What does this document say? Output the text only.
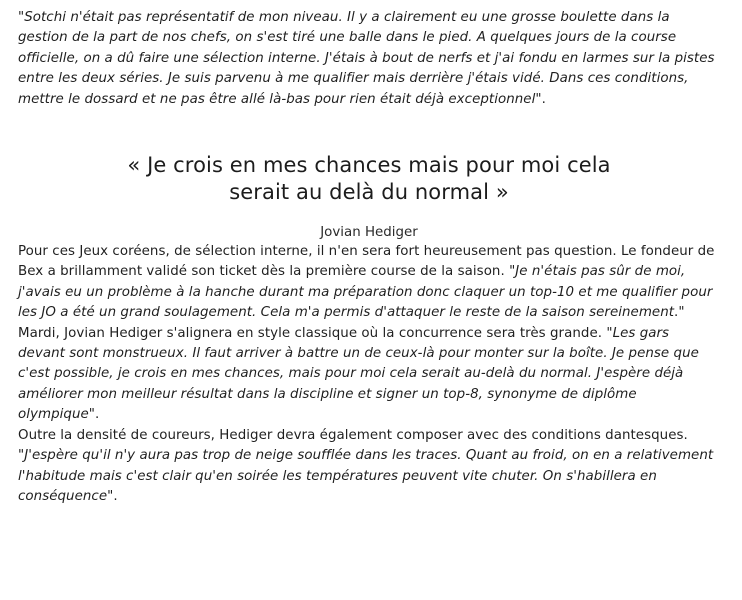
"Sotchi n'était pas représentatif de mon niveau. Il y a clairement eu une grosse boulette dans la gestion de la part de nos chefs, on s'est tiré une balle dans le pied. A quelques jours de la course officielle, on a dû faire une sélection interne. J'étais à bout de nerfs et j'ai fondu en larmes sur la pistes entre les deux séries. Je suis parvenu à me qualifier mais derrière j'étais vidé. Dans ces conditions, mettre le dossard et ne pas être allé là-bas pour rien était déjà exceptionnel".

« Je crois en mes chances mais pour moi cela
serait au delà du normal »
Jovian Hediger

Pour ces Jeux coréens, de sélection interne, il n'en sera fort heureusement pas question. Le fondeur de Bex a brillamment validé son ticket dès la première course de la saison. "Je n'étais pas sûr de moi, j'avais eu un problème à la hanche durant ma préparation donc claquer un top-10 et me qualifier pour les JO a été un grand soulagement. Cela m'a permis d'attaquer le reste de la saison sereinement."

Mardi, Jovian Hediger s'alignera en style classique où la concurrence sera très grande. "Les gars devant sont monstrueux. Il faut arriver à battre un de ceux-là pour monter sur la boîte. Je pense que c'est possible, je crois en mes chances, mais pour moi cela serait au-delà du normal. J'espère déjà améliorer mon meilleur résultat dans la discipline et signer un top-8, synonyme de diplôme olympique".

Outre la densité de coureurs, Hediger devra également composer avec des conditions dantesques. "J'espère qu'il n'y aura pas trop de neige soufflée dans les traces. Quant au froid, on en a relativement l'habitude mais c'est clair qu'en soirée les températures peuvent vite chuter. On s'habillera en conséquence".
